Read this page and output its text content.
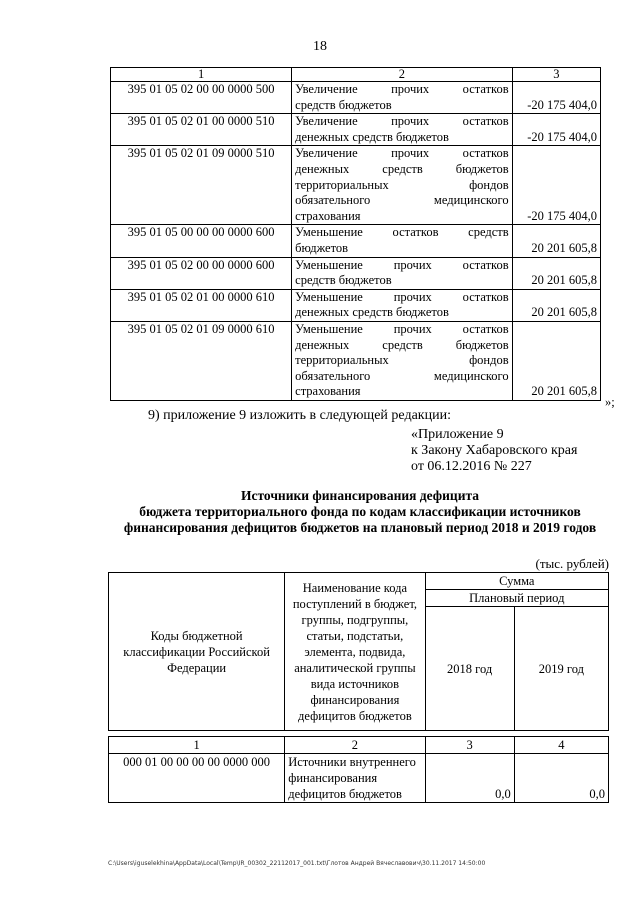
18
1	2	3
395 01 05 02 00 00 0000 500	Увеличение прочих остатков
средств бюджетов	-20 175 404,0
395 01 05 02 01 00 0000 510	Увеличение прочих остатков
денежных средств бюджетов	-20 175 404,0
395 01 05 02 01 09 0000 510	Увеличение прочих остатков
денежных средств бюджетов
территориальных фондов
обязательного медицинского
страхования	-20 175 404,0
395 01 05 00 00 00 0000 600	Уменьшение остатков средств
бюджетов	20 201 605,8
395 01 05 02 00 00 0000 600	Уменьшение прочих остатков
средств бюджетов	20 201 605,8
395 01 05 02 01 00 0000 610	Уменьшение прочих остатков
денежных средств бюджетов	20 201 605,8
395 01 05 02 01 09 0000 610	Уменьшение прочих остатков
денежных средств бюджетов
территориальных фондов
обязательного медицинского
страхования	20 201 605,8
»;
9) приложение 9 изложить в следующей редакции:
«Приложение 9
к Закону Хабаровского края
от 06.12.2016 № 227
Источники финансирования дефицита
бюджета территориального фонда по кодам классификации источников
финансирования дефицитов бюджетов на плановый период 2018 и 2019 годов
(тыс. рублей)
Коды бюджетной классификации Российской Федерации	Наименование кода поступлений в бюджет, группы, подгруппы, статьи, подстатьи, элемента, подвида, аналитической группы вида источников финансирования дефицитов бюджетов	Сумма	
		Плановый период	
		2018 год	2019 год

1	2	3	4
000 01 00 00 00 00 0000 000	Источники внутреннего финансирования дефицитов бюджетов	0,0	0,0
C:\Users\iguselekhina\AppData\Local\Temp\IR_00302_22112017_001.txt\Глотов Андрей Вячеславович\30.11.2017 14:50:00
